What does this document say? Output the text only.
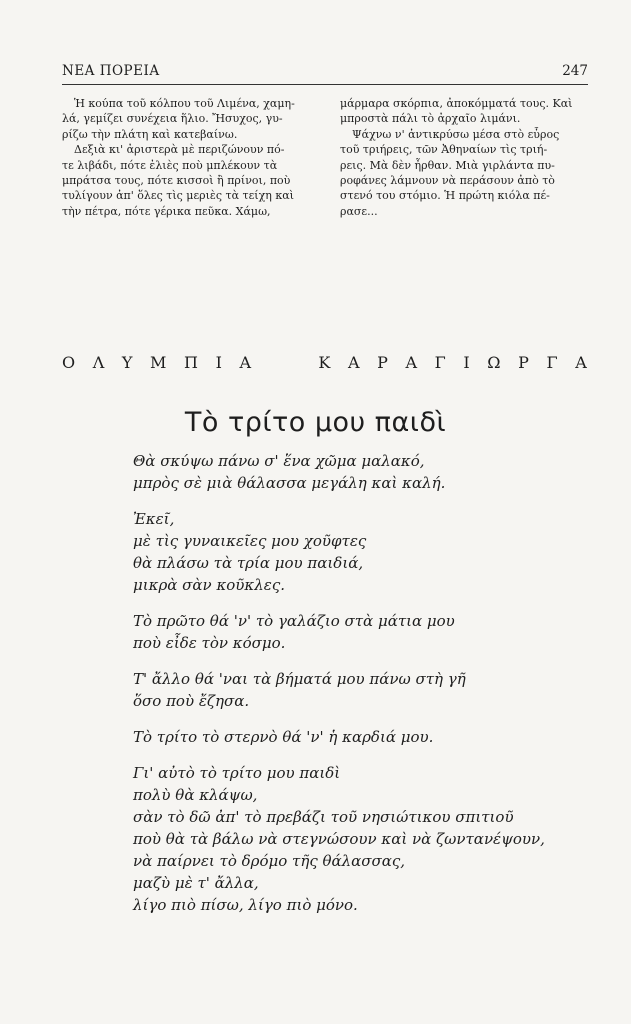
ΝΕΑ ΠΟΡΕΙΑ	247
Ἡ κούπα τοῦ κόλπου τοῦ Λιμένα, χαμη-
λά, γεμίζει συνέχεια ἥλιο. Ἤσυχος, γυ-
ρίζω τὴν πλάτη καὶ κατεβαίνω.
Δεξιὰ κι' ἀριστερὰ μὲ περιζώνουν πό-
τε λιβάδι, πότε ἐλιὲς ποὺ μπλέκουν τὰ
μπράτσα τους, πότε κισσοὶ ἢ πρίνοι, ποὺ
τυλίγουν ἀπ' ὅλες τὶς μεριὲς τὰ τείχη καὶ
τὴν πέτρα, πότε γέρικα πεῦκα. Χάμω,
μάρμαρα σκόρπια, ἀποκόμματά τους. Καὶ
μπροστὰ πάλι τὸ ἀρχαῖο λιμάνι.
Ψάχνω ν' ἀντικρύσω μέσα στὸ εὖρος
τοῦ τριήρεις, τῶν Ἀθηναίων τὶς τριή-
ρεις. Μὰ δὲν ἦρθαν. Μιὰ γιρλάντα πυ-
ροφάνες λάμνουν νὰ περάσουν ἀπὸ τὸ
στενό του στόμιο. Ἡ πρώτη κιόλα πέ-
ρασε...
Ο Λ Υ Μ Π Ι Α	Κ Α Ρ Α Γ Ι Ω Ρ Γ Α
Τὸ τρίτο μου παιδὶ
Θὰ σκύψω πάνω σ' ἕνα χῶμα μαλακό,
μπρὸς σὲ μιὰ θάλασσα μεγάλη καὶ καλή.
Ἐκεῖ,
μὲ τὶς γυναικεῖες μου χοῦφτες
θὰ πλάσω τὰ τρία μου παιδιά,
μικρὰ σὰν κοῦκλες.
Τὸ πρῶτο θά 'ν' τὸ γαλάζιο στὰ μάτια μου
ποὺ εἶδε τὸν κόσμο.
Τ' ἄλλο θά 'ναι τὰ βήματά μου πάνω στὴ γῆ
ὅσο ποὺ ἔζησα.
Τὸ τρίτο τὸ στερνὸ θά 'ν' ἡ καρδιά μου.
Γι' αὐτὸ τὸ τρίτο μου παιδὶ
πολὺ θὰ κλάψω,
σὰν τὸ δῶ ἀπ' τὸ πρεβάζι τοῦ νησιώτικου σπιτιοῦ
ποὺ θὰ τὰ βάλω νὰ στεγνώσουν καὶ νὰ ζωντανέψουν,
νὰ παίρνει τὸ δρόμο τῆς θάλασσας,
μαζὺ μὲ τ' ἄλλα,
λίγο πιὸ πίσω, λίγο πιὸ μόνο.
